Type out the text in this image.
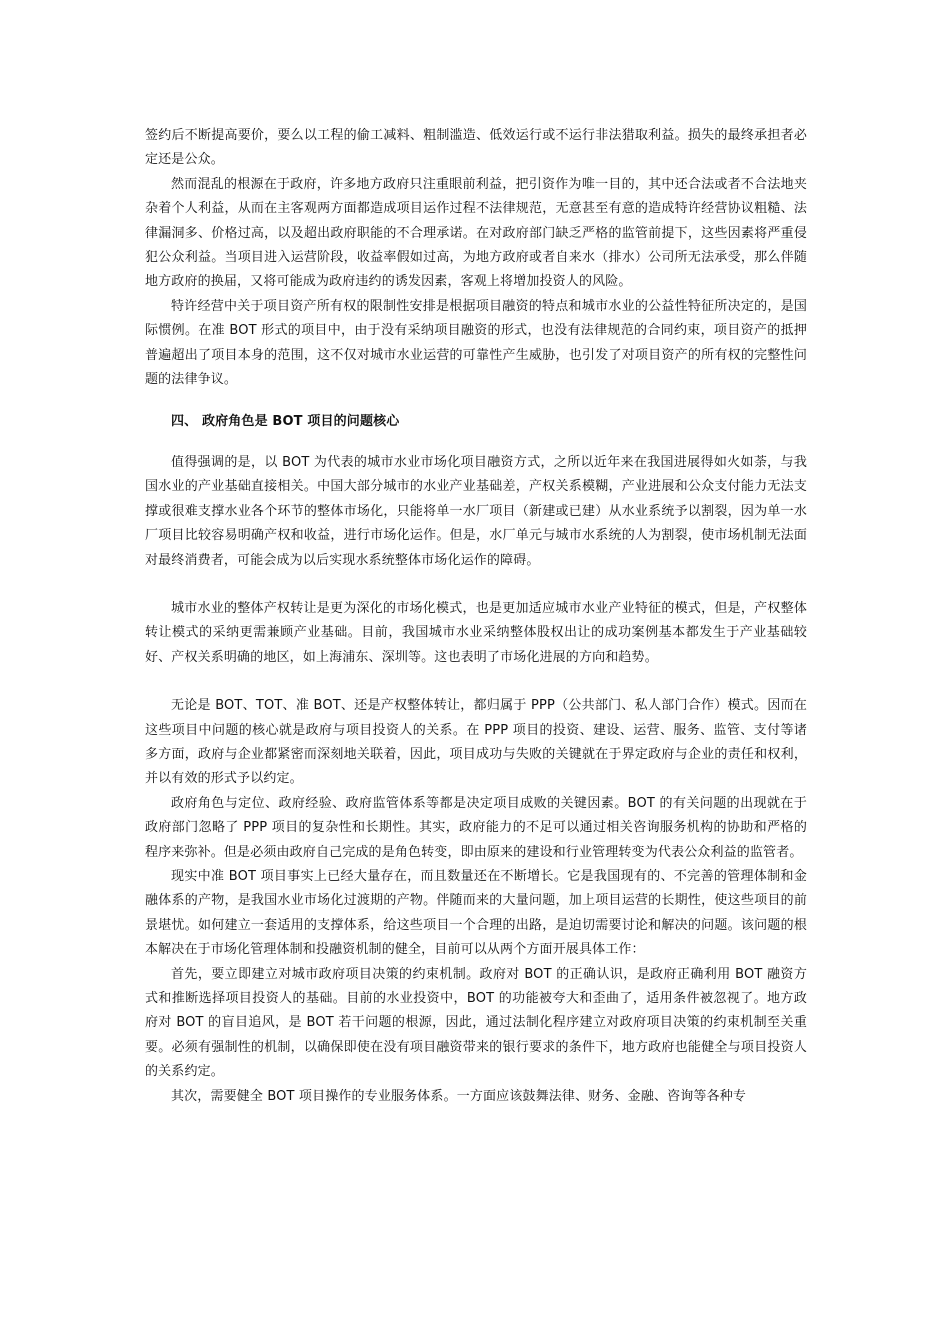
签约后不断提高要价，要么以工程的偷工减料、粗制滥造、低效运行或不运行非法猎取利益。损失的最终承担者必定还是公众。

然而混乱的根源在于政府，许多地方政府只注重眼前利益，把引资作为唯一目的，其中还合法或者不合法地夹杂着个人利益，从而在主客观两方面都造成项目运作过程不法律规范，无意甚至有意的造成特许经营协议粗糙、法律漏洞多、价格过高，以及超出政府职能的不合理承诺。在对政府部门缺乏严格的监管前提下，这些因素将严重侵犯公众利益。当项目进入运营阶段，收益率假如过高，为地方政府或者自来水（排水）公司所无法承受，那么伴随地方政府的换届，又将可能成为政府违约的诱发因素，客观上将增加投资人的风险。

特许经营中关于项目资产所有权的限制性安排是根据项目融资的特点和城市水业的公益性特征所决定的，是国际惯例。在准 BOT 形式的项目中，由于没有采纳项目融资的形式，也没有法律规范的合同约束，项目资产的抵押普遍超出了项目本身的范围，这不仅对城市水业运营的可靠性产生威胁，也引发了对项目资产的所有权的完整性问题的法律争议。

四、 政府角色是 BOT 项目的问题核心

值得强调的是，以 BOT 为代表的城市水业市场化项目融资方式，之所以近年来在我国进展得如火如荼，与我国水业的产业基础直接相关。中国大部分城市的水业产业基础差，产权关系模糊，产业进展和公众支付能力无法支撑或很难支撑水业各个环节的整体市场化，只能将单一水厂项目（新建或已建）从水业系统予以割裂，因为单一水厂项目比较容易明确产权和收益，进行市场化运作。但是，水厂单元与城市水系统的人为割裂，使市场机制无法面对最终消费者，可能会成为以后实现水系统整体市场化运作的障碍。

城市水业的整体产权转让是更为深化的市场化模式，也是更加适应城市水业产业特征的模式，但是，产权整体转让模式的采纳更需兼顾产业基础。目前，我国城市水业采纳整体股权出让的成功案例基本都发生于产业基础较好、产权关系明确的地区，如上海浦东、深圳等。这也表明了市场化进展的方向和趋势。

无论是 BOT、TOT、准 BOT、还是产权整体转让，都归属于 PPP（公共部门、私人部门合作）模式。因而在这些项目中问题的核心就是政府与项目投资人的关系。在 PPP 项目的投资、建设、运营、服务、监管、支付等诸多方面，政府与企业都紧密而深刻地关联着，因此，项目成功与失败的关键就在于界定政府与企业的责任和权利，并以有效的形式予以约定。

政府角色与定位、政府经验、政府监管体系等都是决定项目成败的关键因素。BOT 的有关问题的出现就在于政府部门忽略了 PPP 项目的复杂性和长期性。其实，政府能力的不足可以通过相关咨询服务机构的协助和严格的程序来弥补。但是必须由政府自己完成的是角色转变，即由原来的建设和行业管理转变为代表公众利益的监管者。

现实中准 BOT 项目事实上已经大量存在，而且数量还在不断增长。它是我国现有的、不完善的管理体制和金融体系的产物，是我国水业市场化过渡期的产物。伴随而来的大量问题，加上项目运营的长期性，使这些项目的前景堪忧。如何建立一套适用的支撑体系，给这些项目一个合理的出路，是迫切需要讨论和解决的问题。该问题的根本解决在于市场化管理体制和投融资机制的健全，目前可以从两个方面开展具体工作：

首先，要立即建立对城市政府项目决策的约束机制。政府对 BOT 的正确认识，是政府正确利用 BOT 融资方式和推断选择项目投资人的基础。目前的水业投资中，BOT 的功能被夸大和歪曲了，适用条件被忽视了。地方政府对 BOT 的盲目追风，是 BOT 若干问题的根源，因此，通过法制化程序建立对政府项目决策的约束机制至关重要。必须有强制性的机制，以确保即使在没有项目融资带来的银行要求的条件下，地方政府也能健全与项目投资人的关系约定。

其次，需要健全 BOT 项目操作的专业服务体系。一方面应该鼓舞法律、财务、金融、咨询等各种专
